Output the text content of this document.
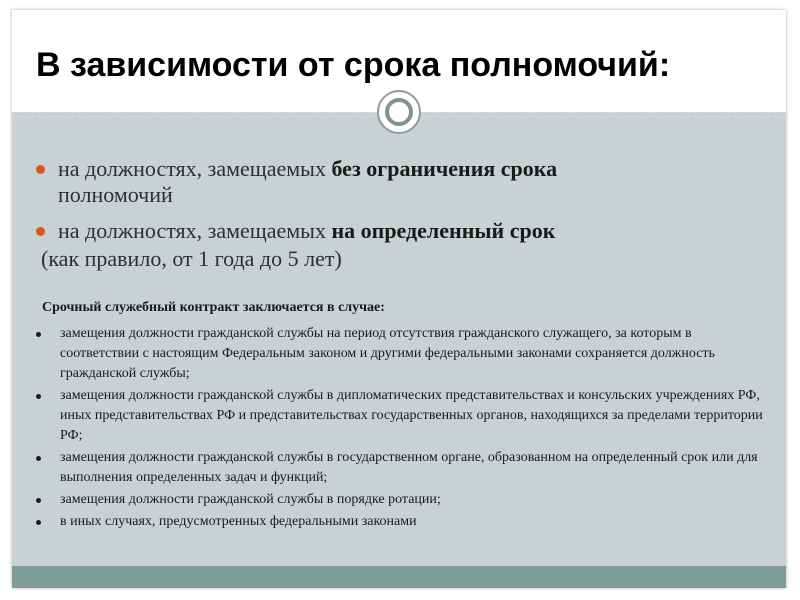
В зависимости от срока полномочий:
на должностях, замещаемых без ограничения срока
полномочий
на должностях, замещаемых на определенный срок
(как правило, от 1 года до 5 лет)
Срочный служебный контракт заключается в случае:
замещения должности гражданской службы на период отсутствия гражданского служащего, за которым в соответствии с настоящим Федеральным законом и другими федеральными законами сохраняется должность гражданской службы;
замещения должности гражданской службы в дипломатических представительствах и консульских учреждениях РФ, иных представительствах РФ и представительствах государственных органов, находящихся за пределами территории РФ;
замещения должности гражданской службы в государственном органе, образованном на определенный срок или для выполнения определенных задач и функций;
замещения должности гражданской службы в порядке ротации;
в иных случаях, предусмотренных федеральными законами
